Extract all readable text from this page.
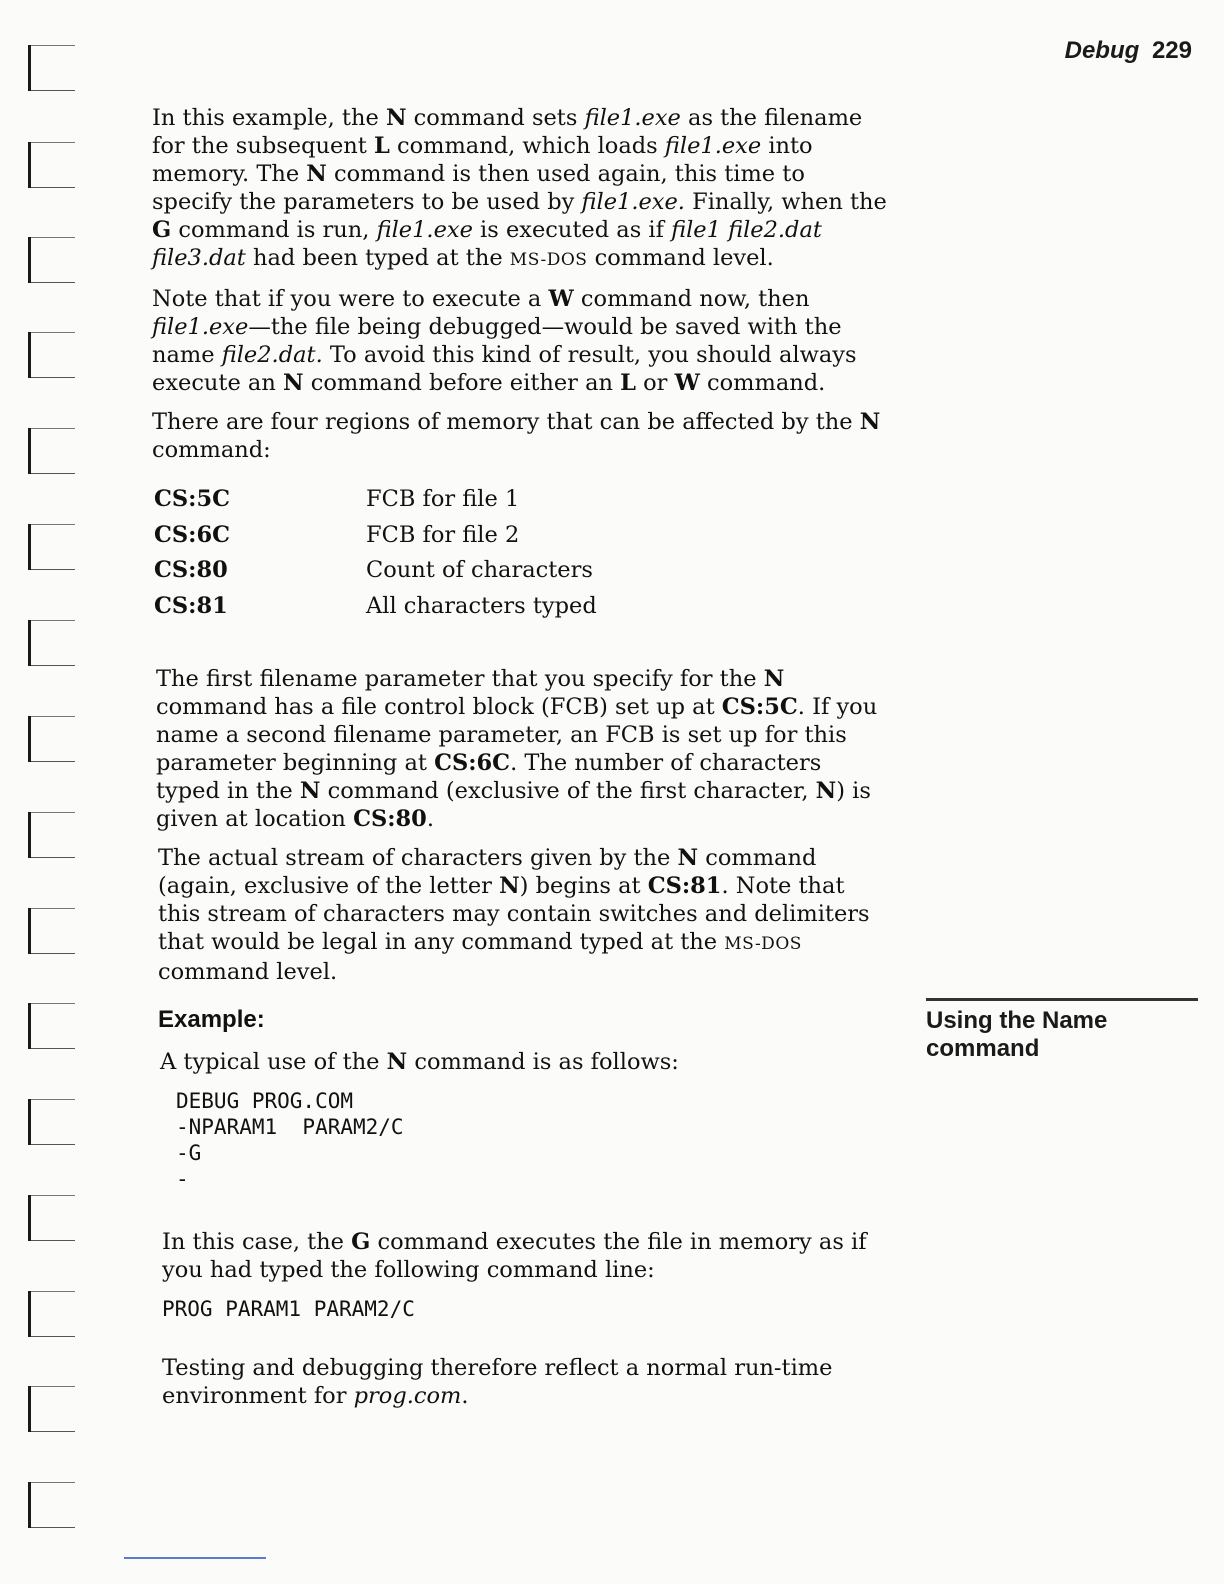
Debug 229

In this example, the N command sets file1.exe as the filename for the subsequent L command, which loads file1.exe into memory. The N command is then used again, this time to specify the parameters to be used by file1.exe. Finally, when the G command is run, file1.exe is executed as if file1 file2.dat file3.dat had been typed at the MS-DOS command level.

Note that if you were to execute a W command now, then file1.exe—the file being debugged—would be saved with the name file2.dat. To avoid this kind of result, you should always execute an N command before either an L or W command.

There are four regions of memory that can be affected by the N command:

CS:5C	FCB for file 1
CS:6C	FCB for file 2
CS:80	Count of characters
CS:81	All characters typed

The first filename parameter that you specify for the N command has a file control block (FCB) set up at CS:5C. If you name a second filename parameter, an FCB is set up for this parameter beginning at CS:6C. The number of characters typed in the N command (exclusive of the first character, N) is given at location CS:80.

The actual stream of characters given by the N command (again, exclusive of the letter N) begins at CS:81. Note that this stream of characters may contain switches and delimiters that would be legal in any command typed at the MS-DOS command level.

Example:

A typical use of the N command is as follows:

DEBUG PROG.COM
-NPARAM1  PARAM2/C
-G
-

In this case, the G command executes the file in memory as if you had typed the following command line:

PROG PARAM1 PARAM2/C

Testing and debugging therefore reflect a normal run-time environment for prog.com.

Using the Name command
